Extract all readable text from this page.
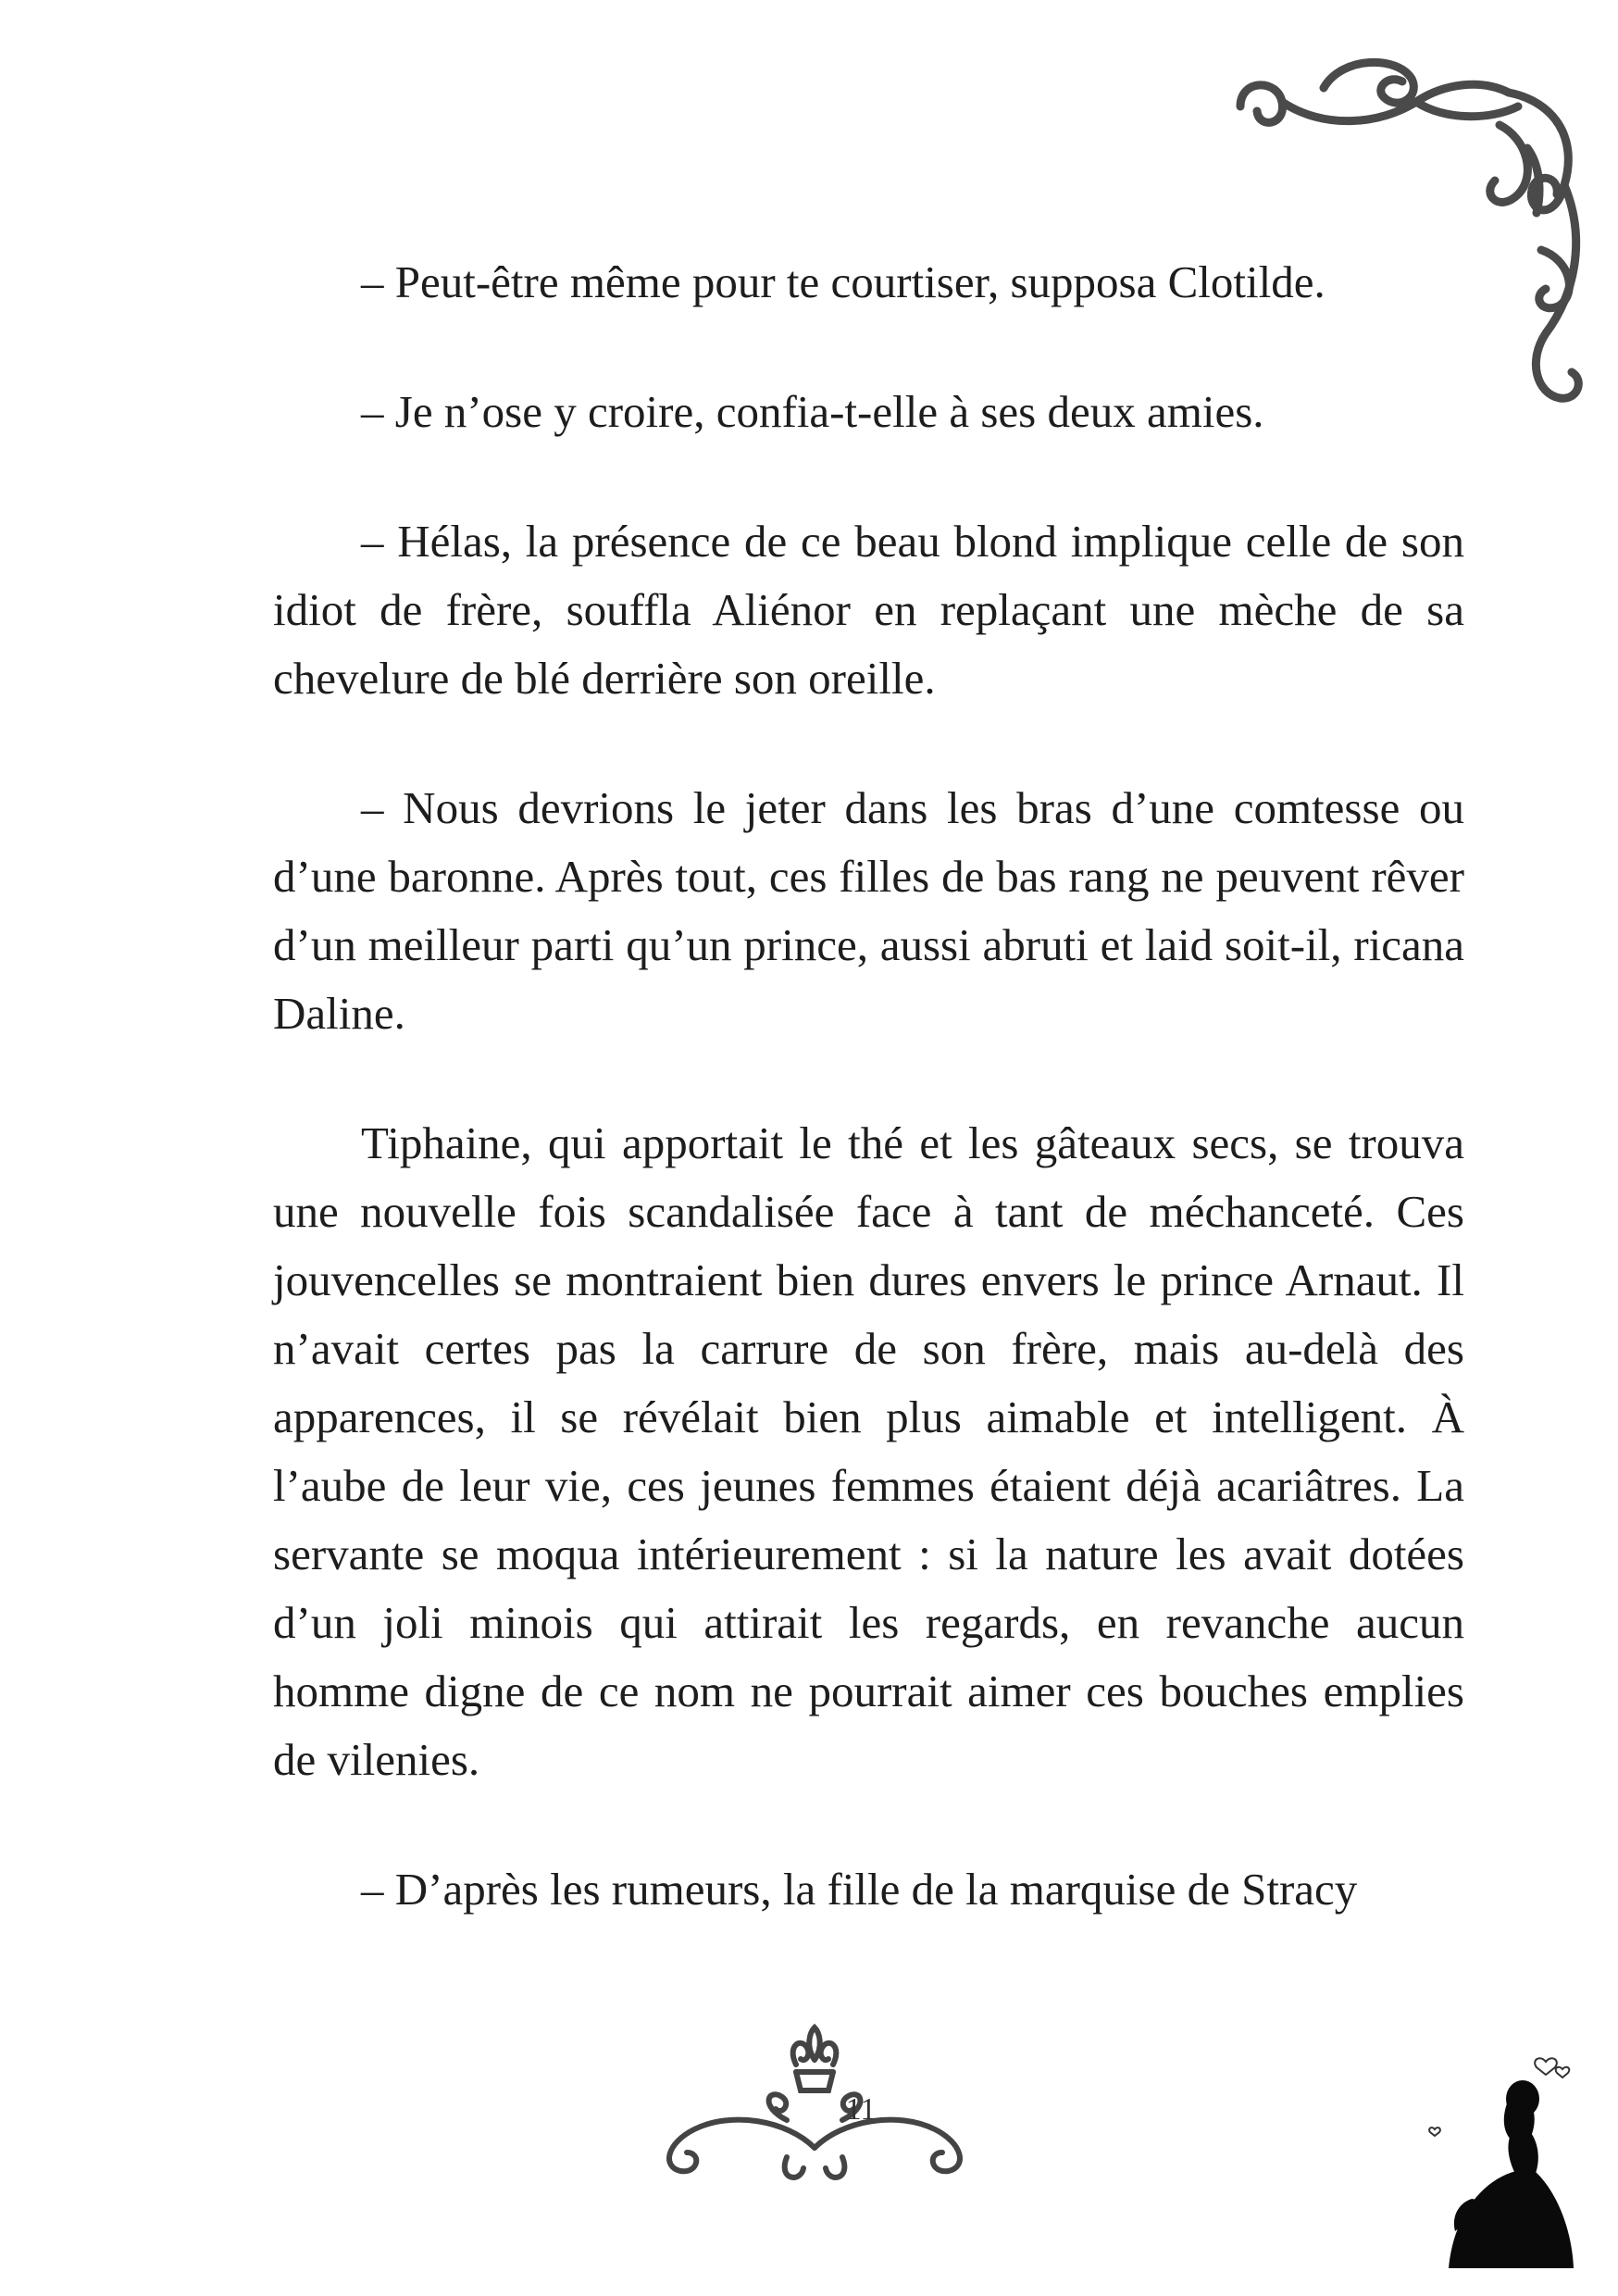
– Peut-être même pour te courtiser, supposa Clotilde.

– Je n’ose y croire, confia-t-elle à ses deux amies.

– Hélas, la présence de ce beau blond implique celle de son idiot de frère, souffla Aliénor en replaçant une mèche de sa chevelure de blé derrière son oreille.

– Nous devrions le jeter dans les bras d’une comtesse ou d’une baronne. Après tout, ces filles de bas rang ne peuvent rêver d’un meilleur parti qu’un prince, aussi abruti et laid soit-il, ricana Daline.

Tiphaine, qui apportait le thé et les gâteaux secs, se trouva une nouvelle fois scandalisée face à tant de méchanceté. Ces jouvencelles se montraient bien dures envers le prince Arnaut. Il n’avait certes pas la carrure de son frère, mais au-delà des apparences, il se révélait bien plus aimable et intelligent. À l’aube de leur vie, ces jeunes femmes étaient déjà acariâtres. La servante se moqua intérieurement : si la nature les avait dotées d’un joli minois qui attirait les regards, en revanche aucun homme digne de ce nom ne pourrait aimer ces bouches emplies de vilenies.

– D’après les rumeurs, la fille de la marquise de Stracy

11
